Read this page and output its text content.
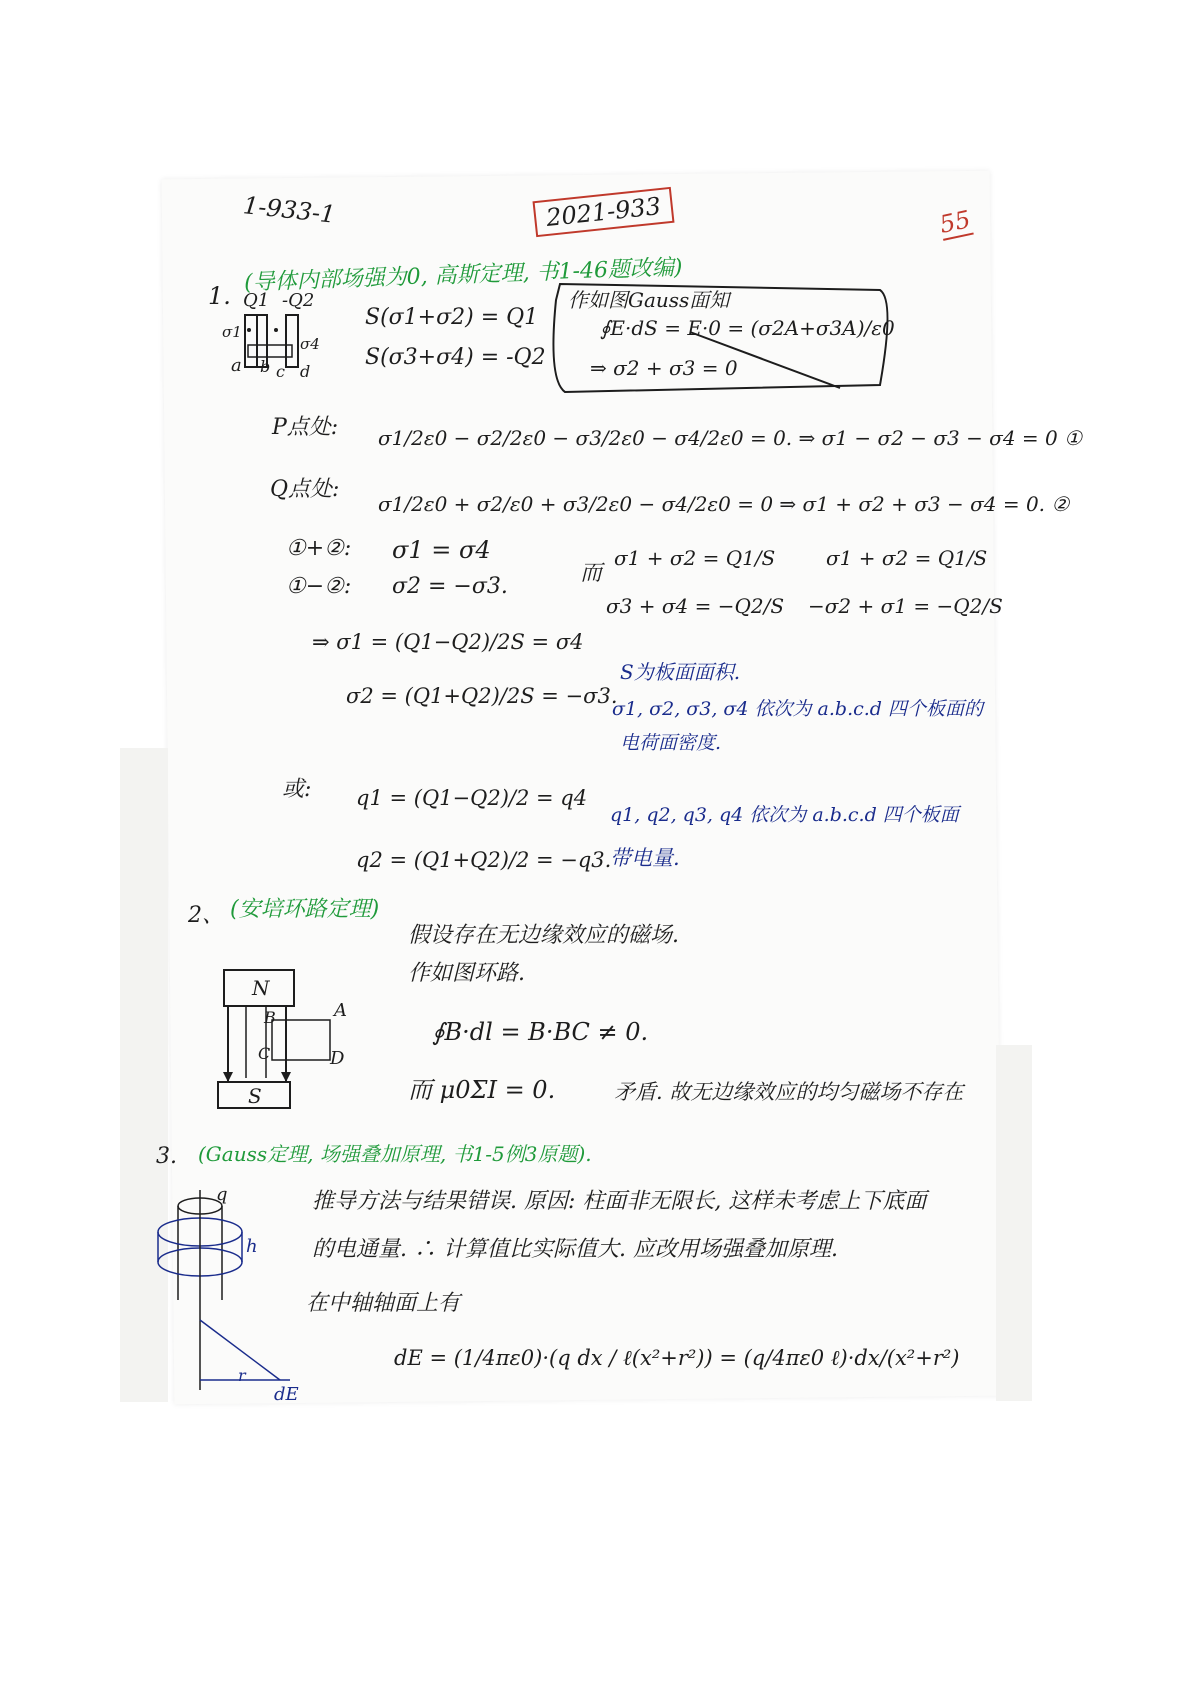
1-933-1	2021-933	55
1.
(导体内部场强为0, 高斯定理, 书1-46题改编)
Q1 -Q2
σ1
σ4
a b c d
S(σ1+σ2) = Q1
S(σ3+σ4) = -Q2
作如图Gauss面知
∮E·dS = E·0 = (σ2A+σ3A)/ε0
⇒ σ2 + σ3 = 0
P点处: σ1/2ε0 − σ2/2ε0 − σ3/2ε0 − σ4/2ε0 = 0. ⇒ σ1 − σ2 − σ3 − σ4 = 0 ①
Q点处:
σ1/2ε0 + σ2/ε0 + σ3/2ε0 − σ4/2ε0 = 0 ⇒ σ1 + σ2 + σ3 − σ4 = 0. ②
①+②: σ1 = σ4
①−②: σ2 = −σ3.
而
σ1 + σ2 = Q1/S
σ3 + σ4 = −Q2/S
σ1 + σ2 = Q1/S
−σ2 + σ1 = −Q2/S
⇒ σ1 = (Q1−Q2)/2S = σ4
σ2 = (Q1+Q2)/2S = −σ3.
S为板面面积.
σ1, σ2, σ3, σ4 依次为 a.b.c.d 四个板面的
电荷面密度.
或: q1 = (Q1−Q2)/2 = q4
q2 = (Q1+Q2)/2 = −q3.
q1, q2, q3, q4 依次为 a.b.c.d 四个板面
带电量.
2、 (安培环路定理)
假设存在无边缘效应的磁场.
作如图环路.
∮B·dl = B·BC ≠ 0.
而 μ0ΣI = 0.	矛盾. 故无边缘效应的均匀磁场不存在
N
S
A
B
C	D
3. (Gauss定理, 场强叠加原理, 书1-5例3原题).
推导方法与结果错误. 原因: 柱面非无限长, 这样未考虑上下底面
的电通量. ∴ 计算值比实际值大. 应改用场强叠加原理.
在中轴轴面上有
dE = (1/4πε0)·(q dx / ℓ(x²+r²)) = (q/4πε0 ℓ)·dx/(x²+r²)
q
h
r
dE
